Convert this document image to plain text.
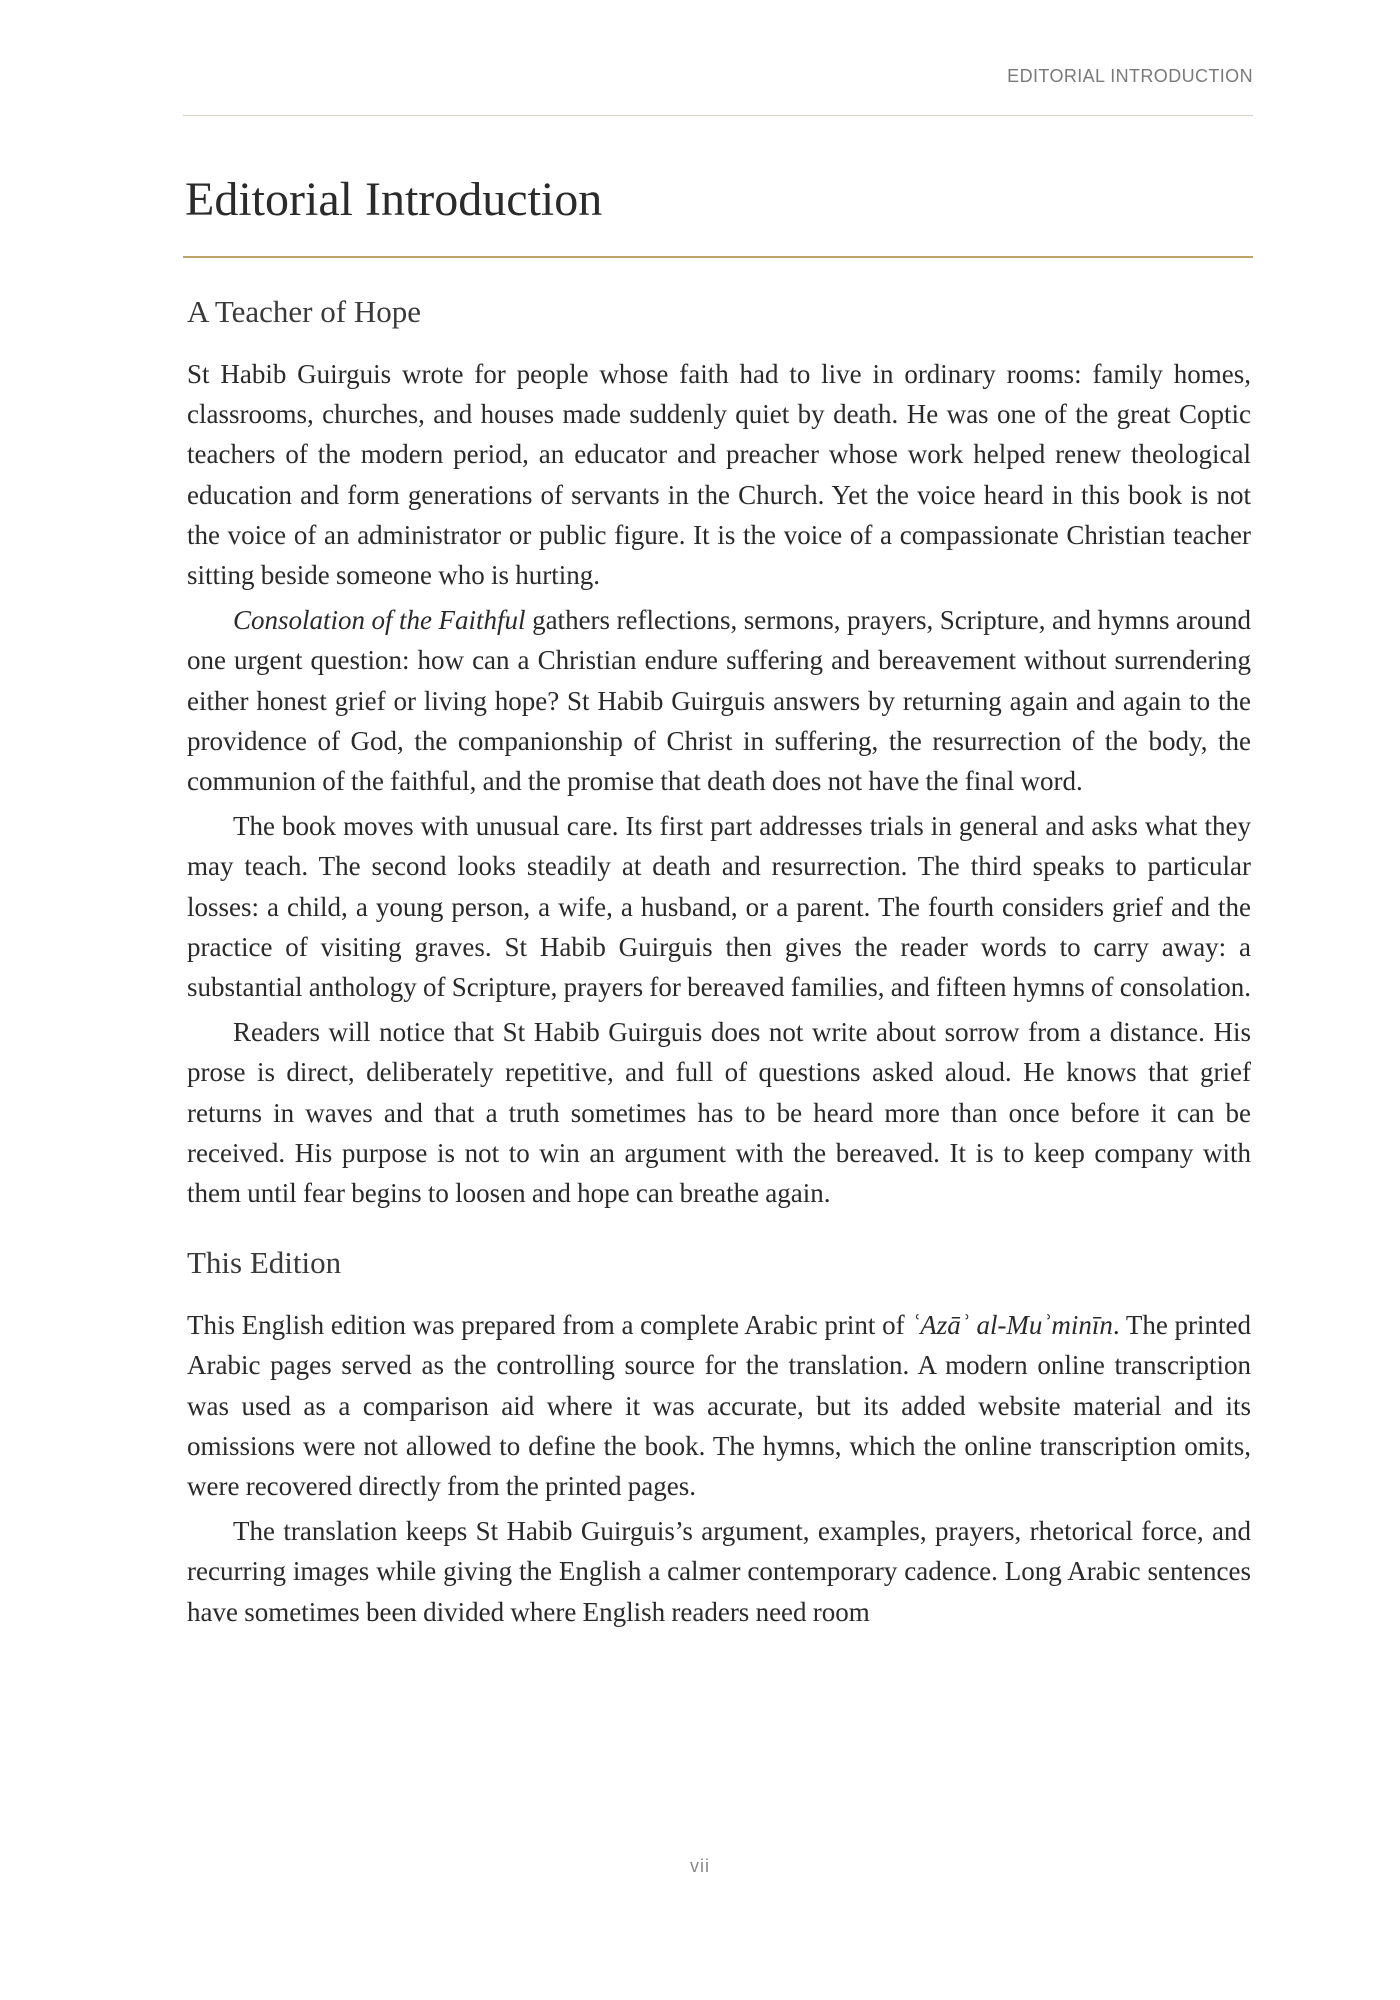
EDITORIAL INTRODUCTION
Editorial Introduction
A Teacher of Hope

St Habib Guirguis wrote for people whose faith had to live in ordinary rooms: family homes, classrooms, churches, and houses made suddenly quiet by death. He was one of the great Coptic teachers of the modern period, an educator and preacher whose work helped renew theological education and form generations of servants in the Church. Yet the voice heard in this book is not the voice of an administrator or public figure. It is the voice of a compassionate Christian teacher sitting beside someone who is hurting.

Consolation of the Faithful gathers reflections, sermons, prayers, Scripture, and hymns around one urgent question: how can a Christian endure suffering and bereavement without surrendering either honest grief or living hope? St Habib Guirguis answers by returning again and again to the providence of God, the companionship of Christ in suffering, the resurrection of the body, the communion of the faithful, and the promise that death does not have the final word.

The book moves with unusual care. Its first part addresses trials in general and asks what they may teach. The second looks steadily at death and resurrection. The third speaks to particular losses: a child, a young person, a wife, a husband, or a parent. The fourth considers grief and the practice of visiting graves. St Habib Guirguis then gives the reader words to carry away: a substantial anthology of Scripture, prayers for bereaved families, and fifteen hymns of consolation.

Readers will notice that St Habib Guirguis does not write about sorrow from a distance. His prose is direct, deliberately repetitive, and full of questions asked aloud. He knows that grief returns in waves and that a truth sometimes has to be heard more than once before it can be received. His purpose is not to win an argument with the bereaved. It is to keep company with them until fear begins to loosen and hope can breathe again.

This Edition

This English edition was prepared from a complete Arabic print of ʿAzāʾ al-Muʾminīn. The printed Arabic pages served as the controlling source for the translation. A modern online transcription was used as a comparison aid where it was accurate, but its added website material and its omissions were not allowed to define the book. The hymns, which the online transcription omits, were recovered directly from the printed pages.

The translation keeps St Habib Guirguis’s argument, examples, prayers, rhetorical force, and recurring images while giving the English a calmer contemporary cadence. Long Arabic sentences have sometimes been divided where English readers need room

vii
